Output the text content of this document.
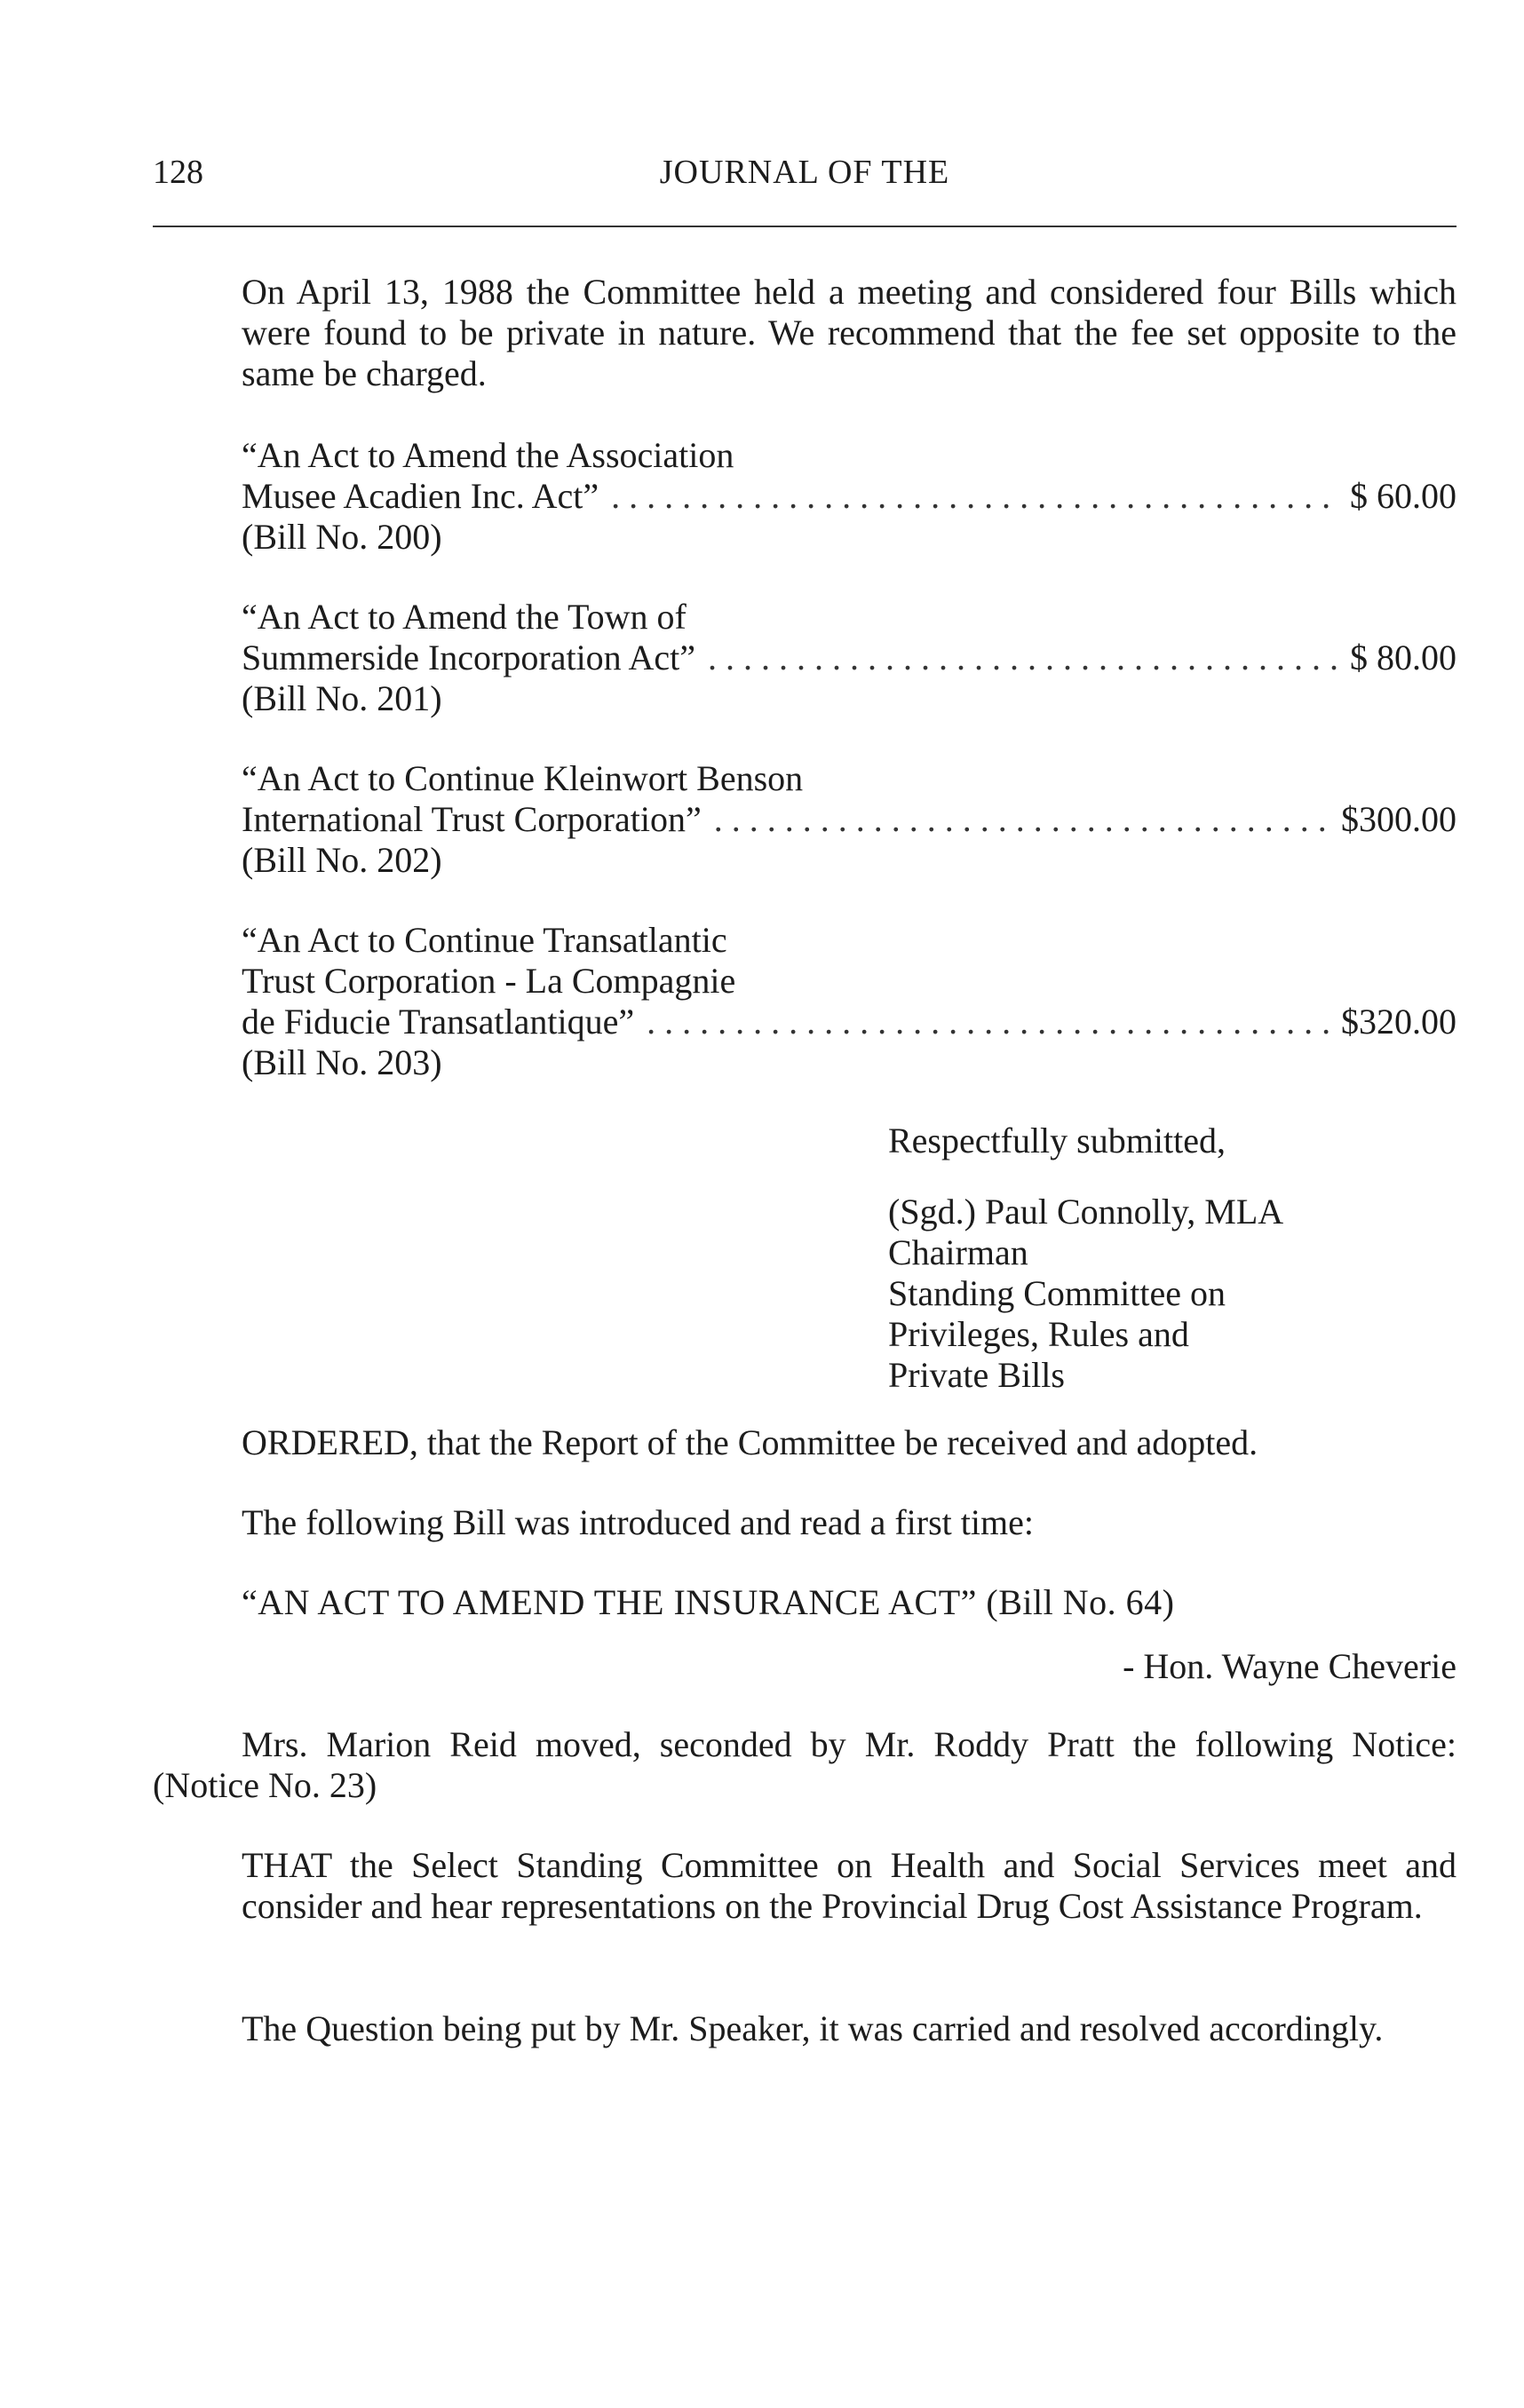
128	JOURNAL OF THE
On April 13, 1988 the Committee held a meeting and considered four Bills which were found to be private in nature. We recommend that the fee set opposite to the same be charged.
“An Act to Amend the Association
Musee Acadien Inc. Act” . . .	$ 60.00
(Bill No. 200)
“An Act to Amend the Town of
Summerside Incorporation Act” . . .	$ 80.00
(Bill No. 201)
“An Act to Continue Kleinwort Benson
International Trust Corporation” . . .	$300.00
(Bill No. 202)
“An Act to Continue Transatlantic
Trust Corporation - La Compagnie
de Fiducie Transatlantique” . . .	$320.00
(Bill No. 203)
Respectfully submitted,
(Sgd.) Paul Connolly, MLA
Chairman
Standing Committee on
Privileges, Rules and
Private Bills
ORDERED, that the Report of the Committee be received and adopted.
The following Bill was introduced and read a first time:
“AN ACT TO AMEND THE INSURANCE ACT” (Bill No. 64)
- Hon. Wayne Cheverie
Mrs. Marion Reid moved, seconded by Mr. Roddy Pratt the following Notice: (Notice No. 23)
THAT the Select Standing Committee on Health and Social Services meet and consider and hear representations on the Provincial Drug Cost Assistance Program.
The Question being put by Mr. Speaker, it was carried and resolved accordingly.
